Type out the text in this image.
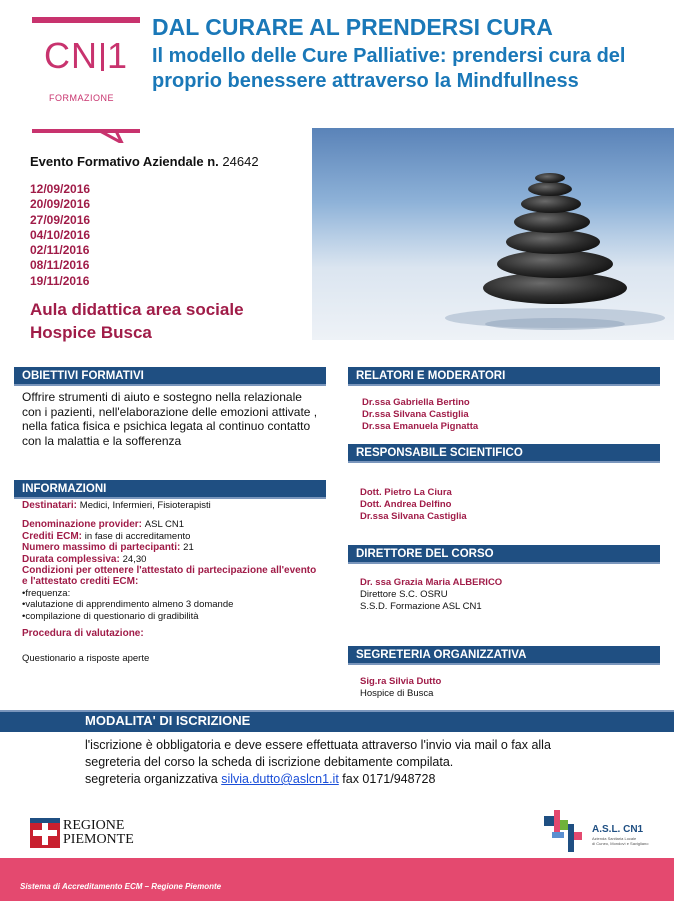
CN 1
FORMAZIONE
DAL CURARE AL PRENDERSI CURA
Il modello delle Cure Palliative: prendersi cura del proprio benessere attraverso la Mindfullness
Evento Formativo Aziendale n. 24642
12/09/2016
20/09/2016
27/09/2016
04/10/2016
02/11/2016
08/11/2016
19/11/2016
Aula didattica area sociale
Hospice Busca
OBIETTIVI FORMATIVI
Offrire strumenti di aiuto e sostegno nella relazionale con i pazienti, nell'elaborazione delle emozioni attivate , nella fatica fisica e psichica legata al continuo contatto con la malattia e la sofferenza
INFORMAZIONI
Destinatari: Medici, Infermieri, Fisioterapisti
Denominazione provider: ASL CN1
Crediti ECM: in fase di accreditamento
Numero massimo di partecipanti: 21
Durata complessiva: 24,30
Condizioni per ottenere l'attestato di partecipazione all'evento e l'attestato crediti ECM:
•frequenza:
•valutazione di apprendimento almeno 3 domande
•compilazione di questionario di gradibilità
Procedura di valutazione:
Questionario a risposte aperte
RELATORI E MODERATORI
Dr.ssa Gabriella Bertino
Dr.ssa Silvana Castiglia
Dr.ssa Emanuela Pignatta
RESPONSABILE SCIENTIFICO
Dott. Pietro La Ciura
Dott. Andrea Delfino
Dr.ssa Silvana Castiglia
DIRETTORE DEL CORSO
Dr. ssa Grazia Maria ALBERICO
Direttore S.C. OSRU
S.S.D. Formazione ASL CN1
SEGRETERIA ORGANIZZATIVA
Sig.ra Silvia Dutto
Hospice di Busca
MODALITA' DI ISCRIZIONE
l'iscrizione è obbligatoria e deve essere effettuata attraverso l'invio via mail o fax alla
segreteria del corso la scheda di iscrizione debitamente compilata.
segreteria organizzativa silvia.dutto@aslcn1.it fax 0171/948728
REGIONE
PIEMONTE
A.S.L. CN1
Azienda Sanitaria Locale
di Cuneo, Mondovì e Savigliano
Sistema di Accreditamento ECM – Regione Piemonte
